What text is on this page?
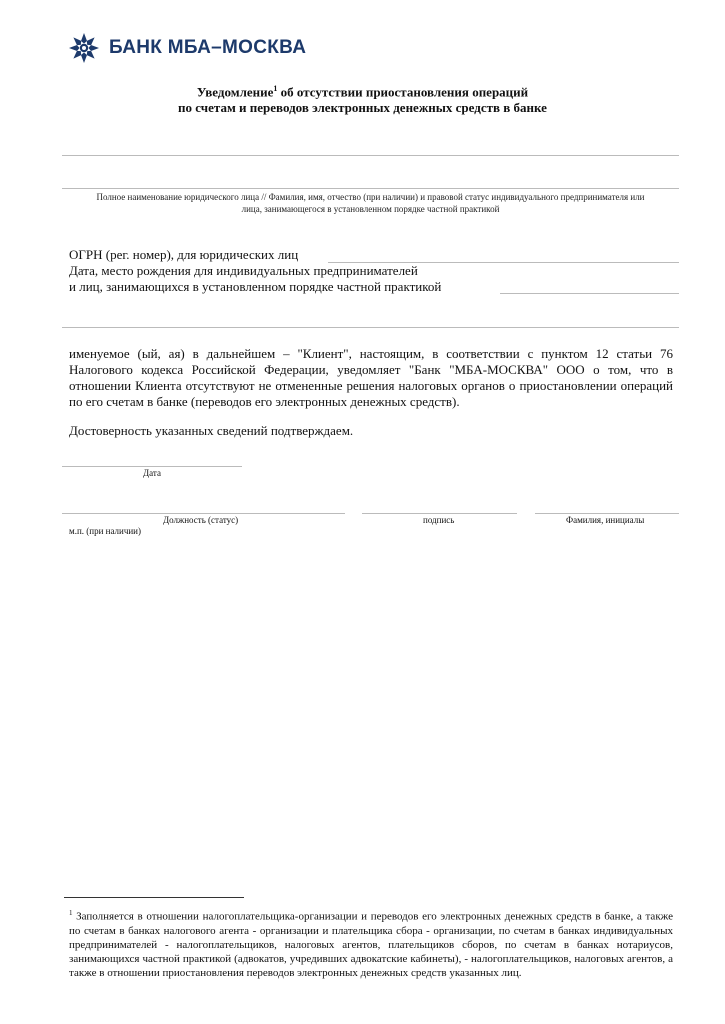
БАНК МБА–МОСКВА
Уведомление$^1$ об отсутствии приостановления операций
по счетам и переводов электронных денежных средств в банке
Полное наименование юридического лица // Фамилия, имя, отчество (при наличии) и правовой статус индивидуального предпринимателя или
лица, занимающегося в установленном порядке частной практикой
ОГРН (рег. номер), для юридических лиц
Дата, место рождения для индивидуальных предпринимателей
и лиц, занимающихся в установленном порядке частной практикой
именуемое (ый, ая) в дальнейшем – "Клиент", настоящим, в соответствии с пунктом 12 статьи 76 Налогового кодекса Российской Федерации, уведомляет "Банк "МБА-МОСКВА" ООО о том, что в отношении Клиента отсутствуют не отмененные решения налоговых органов о приостановлении операций по его счетам в банке (переводов его электронных денежных средств).
Достоверность указанных сведений подтверждаем.
Дата
Должность (статус)	подпись	Фамилия, инициалы
м.п. (при наличии)
$^1$ Заполняется в отношении налогоплательщика-организации и переводов его электронных денежных средств в банке, а также по счетам в банках налогового агента - организации и плательщика сбора - организации, по счетам в банках индивидуальных предпринимателей - налогоплательщиков, налоговых агентов, плательщиков сборов, по счетам в банках нотариусов, занимающихся частной практикой (адвокатов, учредивших адвокатские кабинеты), - налогоплательщиков, налоговых агентов, а также в отношении приостановления переводов электронных денежных средств указанных лиц.
